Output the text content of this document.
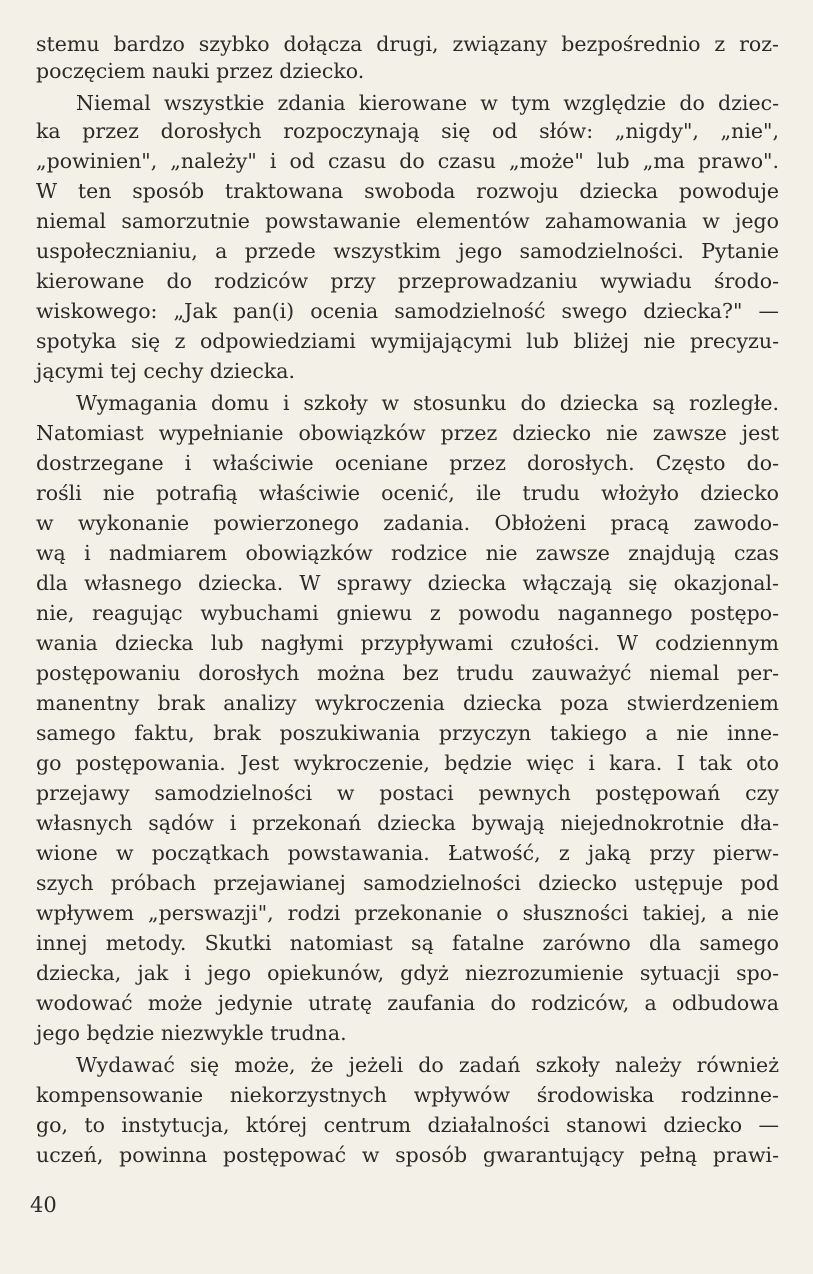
stemu bardzo szybko dołącza drugi, związany bezpośrednio z roz-
poczęciem nauki przez dziecko.
Niemal wszystkie zdania kierowane w tym względzie do dziec-
ka przez dorosłych rozpoczynają się od słów: „nigdy", „nie",
„powinien", „należy" i od czasu do czasu „może" lub „ma prawo".
W ten sposób traktowana swoboda rozwoju dziecka powoduje
niemal samorzutnie powstawanie elementów zahamowania w jego
uspołecznianiu, a przede wszystkim jego samodzielności. Pytanie
kierowane do rodziców przy przeprowadzaniu wywiadu środo-
wiskowego: „Jak pan(i) ocenia samodzielność swego dziecka?" —
spotyka się z odpowiedziami wymijającymi lub bliżej nie precyzu-
jącymi tej cechy dziecka.
Wymagania domu i szkoły w stosunku do dziecka są rozległe.
Natomiast wypełnianie obowiązków przez dziecko nie zawsze jest
dostrzegane i właściwie oceniane przez dorosłych. Często do-
rośli nie potrafią właściwie ocenić, ile trudu włożyło dziecko
w wykonanie powierzonego zadania. Obłożeni pracą zawodo-
wą i nadmiarem obowiązków rodzice nie zawsze znajdują czas
dla własnego dziecka. W sprawy dziecka włączają się okazjonal-
nie, reagując wybuchami gniewu z powodu nagannego postępo-
wania dziecka lub nagłymi przypływami czułości. W codziennym
postępowaniu dorosłych można bez trudu zauważyć niemal per-
manentny brak analizy wykroczenia dziecka poza stwierdzeniem
samego faktu, brak poszukiwania przyczyn takiego a nie inne-
go postępowania. Jest wykroczenie, będzie więc i kara. I tak oto
przejawy samodzielności w postaci pewnych postępowań czy
własnych sądów i przekonań dziecka bywają niejednokrotnie dła-
wione w początkach powstawania. Łatwość, z jaką przy pierw-
szych próbach przejawianej samodzielności dziecko ustępuje pod
wpływem „perswazji", rodzi przekonanie o słuszności takiej, a nie
innej metody. Skutki natomiast są fatalne zarówno dla samego
dziecka, jak i jego opiekunów, gdyż niezrozumienie sytuacji spo-
wodować może jedynie utratę zaufania do rodziców, a odbudowa
jego będzie niezwykle trudna.
Wydawać się może, że jeżeli do zadań szkoły należy również
kompensowanie niekorzystnych wpływów środowiska rodzinne-
go, to instytucja, której centrum działalności stanowi dziecko —
uczeń, powinna postępować w sposób gwarantujący pełną prawi-
40
